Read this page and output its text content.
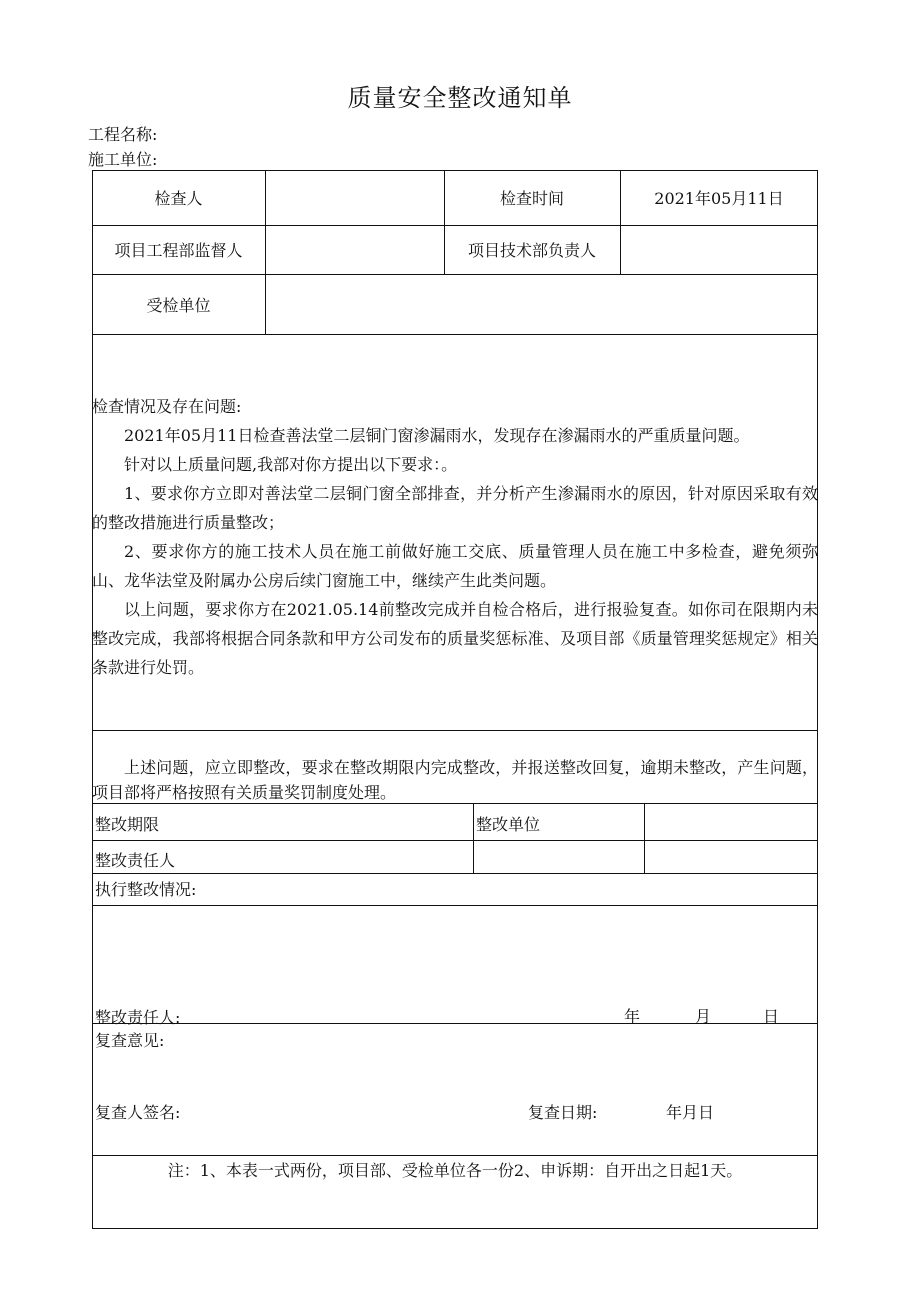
质量安全整改通知单
工程名称:
施工单位:
检查人	检查时间	2021年05月11日
项目工程部监督人	项目技术部负责人
受检单位

检查情况及存在问题:

2021年05月11日检查善法堂二层铜门窗渗漏雨水，发现存在渗漏雨水的严重质量问题。

针对以上质量问题,我部对你方提出以下要求：。

1、要求你方立即对善法堂二层铜门窗全部排查，并分析产生渗漏雨水的原因，针对原因采取有效的整改措施进行质量整改；

2、要求你方的施工技术人员在施工前做好施工交底、质量管理人员在施工中多检查，避免须弥山、龙华法堂及附属办公房后续门窗施工中，继续产生此类问题。

以上问题，要求你方在2021.05.14前整改完成并自检合格后，进行报验复查。如你司在限期内未整改完成，我部将根据合同条款和甲方公司发布的质量奖惩标准、及项目部《质量管理奖惩规定》相关条款进行处罚。

上述问题，应立即整改，要求在整改期限内完成整改，并报送整改回复，逾期未整改，产生问题，项目部将严格按照有关质量奖罚制度处理。

整改期限	整改单位
整改责任人
执行整改情况:
整改责任人:	年	月	日
复查意见:
复查人签名:	复查日期:	年月日
注：1、本表一式两份，项目部、受检单位各一份2、申诉期：自开出之日起1天。
